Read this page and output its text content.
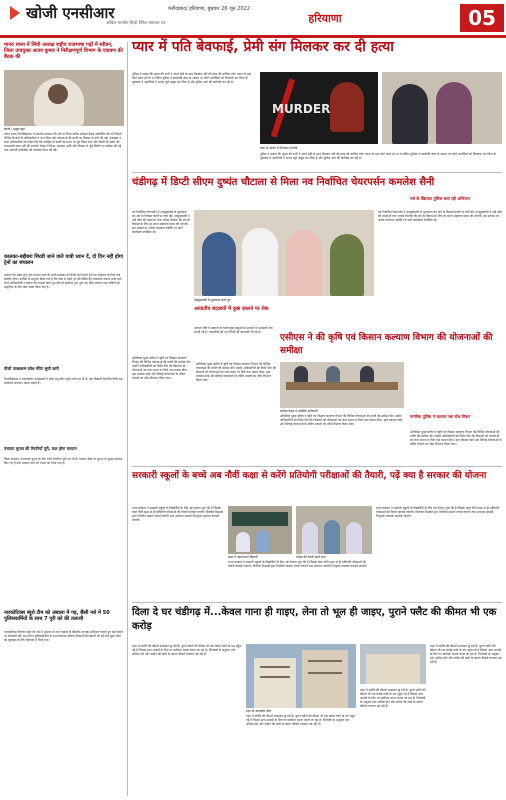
खोजी एनसीआर	फरीदाबाद/ हरियाणा, बुधवार 26 जून 2022
अखिल भारतीय हिन्दी दैनिक समाचार पत्र	हरियाणा	05
मानव रचना में सिंधी अध्यक्ष राष्ट्रीय राजभाषा गढ़ों में स्वीडन, जिला उपायुक्त अजय कुमार ने निरीक्षणपूर्ण विभाग के एकत्रण की बैठक की
खोजी | प्रमुख ब्यूरो
मानव रचना विश्वविद्यालय में स्थानीय प्रशासन की ओर से जिला स्तरीय समीक्षा बैठक आयोजित की गई जिसमें विभिन्न विभागों के अधिकारियों ने भाग लिया और योजनाओं की प्रगति पर विस्तार से चर्चा की गई। उपायुक्त ने सभी अधिकारियों को निर्देश दिए कि जनहित के कार्यों को समय पर पूरा किया जाए और किसी भी प्रकार की लापरवाही सहन नहीं की जाएगी। बैठक में शिक्षा, स्वास्थ्य, कृषि और विकास से जुड़े विषयों पर समीक्षा की गई तथा आगामी कार्यक्रमों की रूपरेखा तैयार की गई।
कालका-बद्दीबरा शिरडी जाने वाले यात्री ध्यान दें, दो दिन नहीं होगा ट्रेनों का संचालन
अंबाला रेल मंडल द्वारा ट्रैक मरम्मत कार्य के चलते कालका से शिरडी जाने वाली ट्रेनों का संचालन दो दिनों तक स्थगित रहेगा। यात्रियों से अनुरोध किया गया है कि यात्रा से पहले ट्रेन की स्थिति की जानकारी अवश्य प्राप्त करें। रेलवे अधिकारियों ने बताया कि मरम्मत कार्य पूरा होते ही संचालन पुनः शुरू कर दिया जाएगा तथा यात्रियों को असुविधा के लिए खेद व्यक्त किया गया है।
पीजी पाठ्यक्रम प्रवेश मेरिट सूची जारी
विश्वविद्यालय ने स्नातकोत्तर पाठ्यक्रमों में प्रवेश हेतु मेरिट सूची जारी कर दी है। पात्र विद्यार्थी निर्धारित तिथि तक दस्तावेज सत्यापन करवा सकते हैं।
पंचायत चुनाव की तैयारियाँ पूरी, कल होगा मतदान
जिला प्रशासन ने पंचायत चुनाव के लिए सभी तैयारियां पूरी कर ली हैं। मतदान केंद्रों पर सुरक्षा के पुख्ता इंतजाम किए गए हैं तथा मतदान दलों को रवाना कर दिया गया है।
नारकोटिक्स ब्यूरो टीम को अंबाला में गड़, छैंसी नशे में 50 पुलिसकर्मियों के साथ 7 पुरी को की तलाशी
नारकोटिक्स नियंत्रण ब्यूरो की टीम ने अंबाला में नशा तस्करी के खिलाफ व्यापक अभियान चलाते हुए कई स्थानों पर छापेमारी की। इस दौरान पुलिसकर्मियों के साथ मिलकर संदिग्ध ठिकानों की तलाशी ली गई तथा कुछ लोगों को पूछताछ के लिए हिरासत में लिया गया।
प्यार में पति बेवफाई, प्रेमी संग मिलकर कर दी हत्या
पुलिस ने बताया कि मृतक की पत्नी ने अपने प्रेमी के साथ मिलकर पति की हत्या की साजिश रची। घटना के बाद दोनों फरार हो गए थे लेकिन पुलिस ने तकनीकी जांच के आधार पर दोनों आरोपियों को गिरफ्तार कर लिया है। पूछताछ में आरोपियों ने अपना जुर्म कबूल कर लिया है और पुलिस आगे की कार्रवाई कर रही है।
MURDER
हत्या के आरोप में गिरफ्तार आरोपी
पुलिस ने बताया कि मृतक की पत्नी ने अपने प्रेमी के साथ मिलकर पति की हत्या की साजिश रची। घटना के बाद दोनों फरार हो गए थे लेकिन पुलिस ने तकनीकी जांच के आधार पर दोनों आरोपियों को गिरफ्तार कर लिया है। पूछताछ में आरोपियों ने अपना जुर्म कबूल कर लिया है और पुलिस आगे की कार्रवाई कर रही है।
चंडीगढ़ में डिप्टी सीएम दुष्यंत चौटाला से मिला नव निर्वाचित चेयरपर्सन कमलेश सैनी
नव निर्वाचित चेयरपर्सन ने उपमुख्यमंत्री से मुलाकात कर क्षेत्र के विकास कार्यों पर चर्चा की। उपमुख्यमंत्री ने उन्हें जीत की बधाई दी तथा भरोसा दिलाया कि क्षेत्र के विकास के लिए हर संभव सहायता प्रदान की जाएगी। इस अवसर पर अनेक गणमान्य व्यक्ति एवं पार्टी कार्यकर्ता उपस्थित रहे।
उपमुख्यमंत्री से मुलाकात करते हुए
नव निर्वाचित चेयरपर्सन ने उपमुख्यमंत्री से मुलाकात कर क्षेत्र के विकास कार्यों पर चर्चा की। उपमुख्यमंत्री ने उन्हें जीत की बधाई दी तथा भरोसा दिलाया कि क्षेत्र के विकास के लिए हर संभव सहायता प्रदान की जाएगी। इस अवसर पर अनेक गणमान्य व्यक्ति एवं पार्टी कार्यकर्ता उपस्थित रहे।
आयातीय बदलावों में कुछ ज़ालने पर रोक
आयात नीति में बदलाव के चलते कुछ वस्तुओं के आयात पर अस्थायी रोक लगाई गई है। व्यापारियों को नए नियमों की जानकारी दी गई है।
एसीएस ने की कृषि एवं किसान कल्याण विभाग की योजनाओं की समीक्षा
अतिरिक्त मुख्य सचिव ने कृषि एवं किसान कल्याण विभाग की विभिन्न योजनाओं की प्रगति की समीक्षा की। उन्होंने अधिकारियों को निर्देश दिए कि किसानों को योजनाओं का लाभ समय पर मिले तथा फसल बीमा, मृदा स्वास्थ्य कार्ड और सिंचाई योजनाओं के लंबित मामलों का शीघ्र निपटारा किया जाए।
समीक्षा बैठक में उपस्थित अधिकारी
अतिरिक्त मुख्य सचिव ने कृषि एवं किसान कल्याण विभाग की विभिन्न योजनाओं की प्रगति की समीक्षा की। उन्होंने अधिकारियों को निर्देश दिए कि किसानों को योजनाओं का लाभ समय पर मिले तथा फसल बीमा, मृदा स्वास्थ्य कार्ड और सिंचाई योजनाओं के लंबित मामलों का शीघ्र निपटारा किया जाए।
अतिरिक्त मुख्य सचिव ने कृषि एवं किसान कल्याण विभाग की विभिन्न योजनाओं की प्रगति की समीक्षा की। उन्होंने अधिकारियों को निर्देश दिए कि किसानों को योजनाओं का लाभ समय पर मिले तथा फसल बीमा, मृदा स्वास्थ्य कार्ड और सिंचाई योजनाओं के लंबित मामलों का शीघ्र निपटारा किया जाए।
नशे के खिलाफ पुलिस चला रही अभियान
नागरिक पुलिस ने चलाया नशा रोक मिशन
अतिरिक्त मुख्य सचिव ने कृषि एवं किसान कल्याण विभाग की विभिन्न योजनाओं की प्रगति की समीक्षा की। उन्होंने अधिकारियों को निर्देश दिए कि किसानों को योजनाओं का लाभ समय पर मिले तथा फसल बीमा, मृदा स्वास्थ्य कार्ड और सिंचाई योजनाओं के लंबित मामलों का शीघ्र निपटारा किया जाए।
सरकारी स्कूलों के बच्चे अब नौवीं कक्षा से करेंगे प्रतियोगी परीक्षाओं की तैयारी, पढ़ें क्या है सरकार की योजना
राज्य सरकार ने सरकारी स्कूलों के विद्यार्थियों के लिए नई योजना शुरू की है जिसके तहत नौवीं कक्षा से ही प्रतियोगी परीक्षाओं की तैयारी करवाई जाएगी। विशेषज्ञ शिक्षकों द्वारा नियमित कक्षाएं लगाई जाएंगी तथा अध्ययन सामग्री निःशुल्क उपलब्ध करवाई जाएगी।
कक्षा में पढ़ाई करते विद्यार्थी	परीक्षा की तैयारी करते छात्र
राज्य सरकार ने सरकारी स्कूलों के विद्यार्थियों के लिए नई योजना शुरू की है जिसके तहत नौवीं कक्षा से ही प्रतियोगी परीक्षाओं की तैयारी करवाई जाएगी। विशेषज्ञ शिक्षकों द्वारा नियमित कक्षाएं लगाई जाएंगी तथा अध्ययन सामग्री निःशुल्क उपलब्ध करवाई जाएगी।
राज्य सरकार ने सरकारी स्कूलों के विद्यार्थियों के लिए नई योजना शुरू की है जिसके तहत नौवीं कक्षा से ही प्रतियोगी परीक्षाओं की तैयारी करवाई जाएगी। विशेषज्ञ शिक्षकों द्वारा नियमित कक्षाएं लगाई जाएंगी तथा अध्ययन सामग्री निःशुल्क उपलब्ध करवाई जाएगी।
दिला दे घर चंडीगढ़ में...केवल गाना ही गाइए, लेना तो भूल ही जाइए, पुराने फ्लैट की कीमत भी एक करोड़
शहर में संपत्ति की कीमतें आसमान छू रही हैं। पुराने फ्लैटों की कीमत भी एक करोड़ रुपये के पार पहुंच गई है जिससे आम आदमी के लिए घर खरीदना सपना बनता जा रहा है। विशेषज्ञों के अनुसार मांग अधिक होने और जमीन की कमी के कारण कीमतें लगातार बढ़ रही हैं।
शहर के आवासीय फ्लैट
शहर में संपत्ति की कीमतें आसमान छू रही हैं। पुराने फ्लैटों की कीमत भी एक करोड़ रुपये के पार पहुंच गई है जिससे आम आदमी के लिए घर खरीदना सपना बनता जा रहा है। विशेषज्ञों के अनुसार मांग अधिक होने और जमीन की कमी के कारण कीमतें लगातार बढ़ रही हैं।
शहर में संपत्ति की कीमतें आसमान छू रही हैं। पुराने फ्लैटों की कीमत भी एक करोड़ रुपये के पार पहुंच गई है जिससे आम आदमी के लिए घर खरीदना सपना बनता जा रहा है। विशेषज्ञों के अनुसार मांग अधिक होने और जमीन की कमी के कारण कीमतें लगातार बढ़ रही हैं।
शहर में संपत्ति की कीमतें आसमान छू रही हैं। पुराने फ्लैटों की कीमत भी एक करोड़ रुपये के पार पहुंच गई है जिससे आम आदमी के लिए घर खरीदना सपना बनता जा रहा है। विशेषज्ञों के अनुसार मांग अधिक होने और जमीन की कमी के कारण कीमतें लगातार बढ़ रही हैं।
